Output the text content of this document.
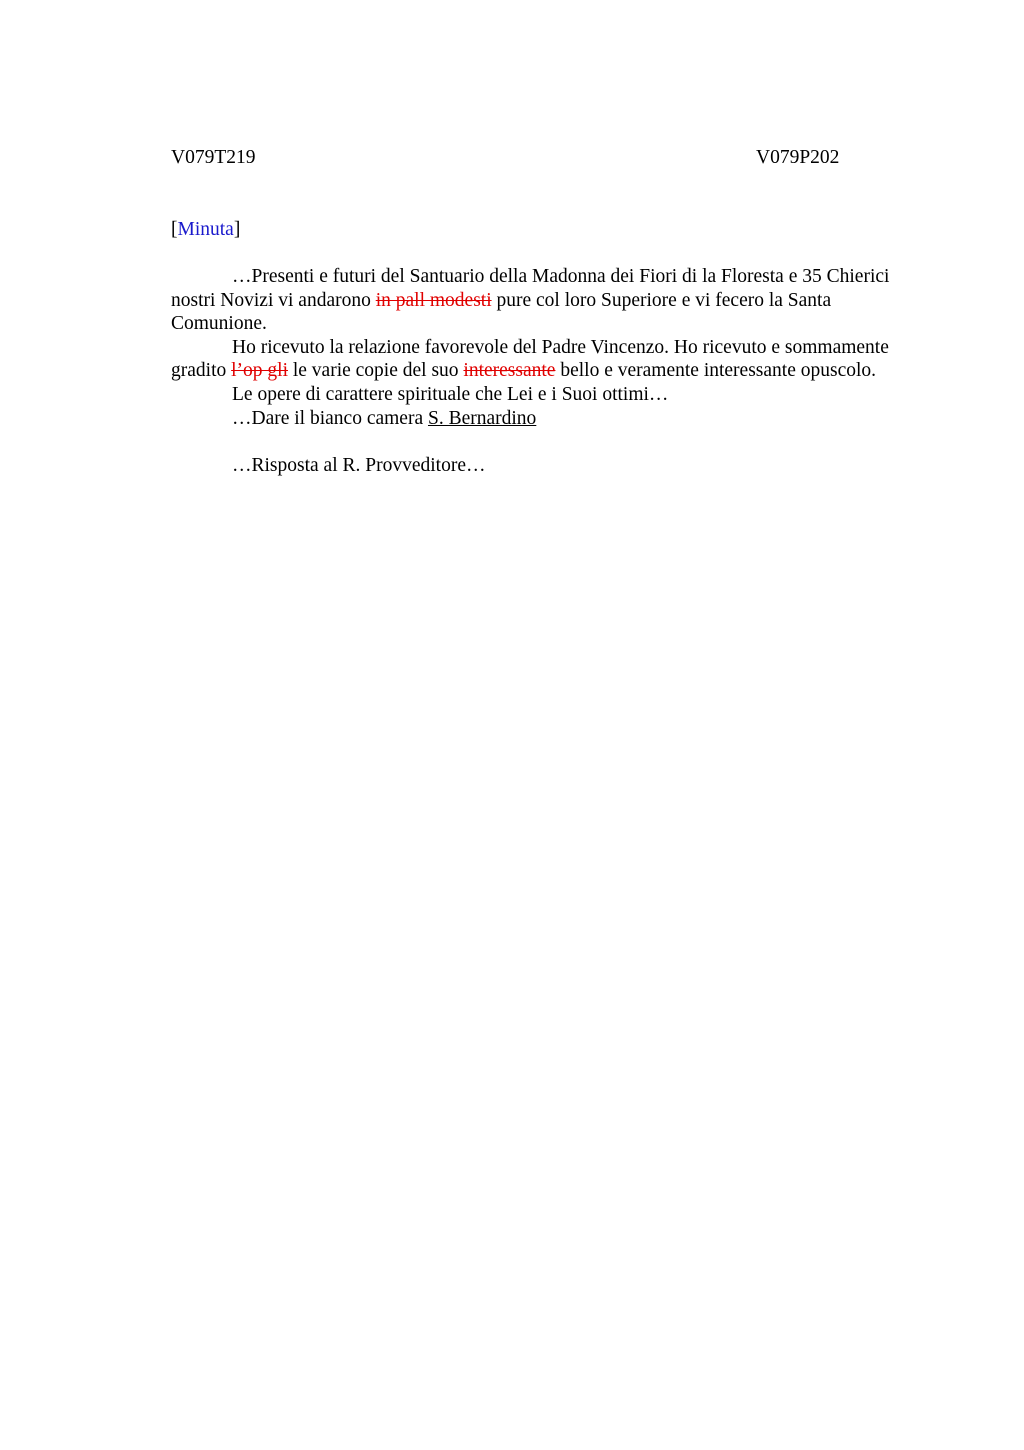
V079T219	V079P202
[Minuta]

…Presenti e futuri del Santuario della Madonna dei Fiori di la Floresta e 35 Chierici nostri Novizi vi andarono in pall modesti pure col loro Superiore e vi fecero la Santa Comunione.

Ho ricevuto la relazione favorevole del Padre Vincenzo. Ho ricevuto e sommamente gradito l’op gli le varie copie del suo interessante bello e veramente interessante opuscolo.

Le opere di carattere spirituale che Lei e i Suoi ottimi…

…Dare il bianco camera S. Bernardino

…Risposta al R. Provveditore…
